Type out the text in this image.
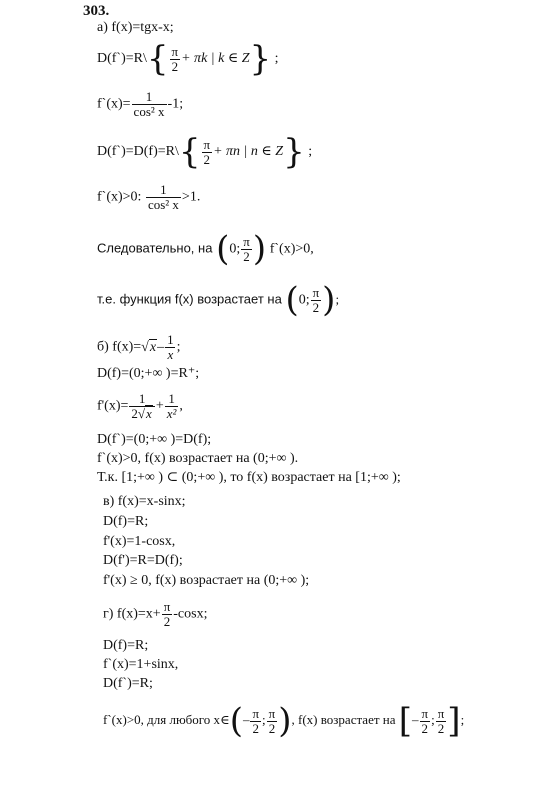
303.
а) f(x)=tgx-x;
D(f`)=R\{ $\frac{\pi}{2} + \pi k$ | k ∈ Z} ;
f`(x)= $\frac{1}{\text{cos² x}} -1$;
D(f`)=D(f)=R\{ $\frac{\pi}{2} + \pi n$ | n ∈ Z} ;
f`(x)>0: $\frac{1}{\text{cos² x}} >1$.
Следовательно, на (0; $\frac{\pi}{2}$ ) f`(x)>0,
т.е. функция f(x) возрастает на (0; $\frac{\pi}{2}$ );
б) $f(x)=√x- \frac{1}{x}$ ;
D(f)=(0;+∞ )=R⁺;
$f'(x)= \frac{1}{2√x} + \frac{1}{\text{x²}}$ ,
D(f`)=(0;+∞ )=D(f);
f`(x)>0, f(x) возрастает на (0;+∞ ).
Т.к. [1;+∞ ) ⊂ (0;+∞ ), то f(x) возрастает на [1;+∞ );
в) f(x)=x-sinx;
D(f)=R;
f'(x)=1-cosx,
D(f')=R=D(f);
f'(x) ≥ 0, f(x) возрастает на (0;+∞ );
г) $f(x)=x+ \frac{\pi}{2} -\cos x$;
D(f)=R;
f`(x)=1+sinx,
D(f`)=R;
f`(x)>0, для любого x∈(– $\frac{\pi}{2}$ ; $\frac{\pi}{2}$ ), f(x) возрастает на [– $\frac{\pi}{2}$ ; $\frac{\pi}{2}$ ];
